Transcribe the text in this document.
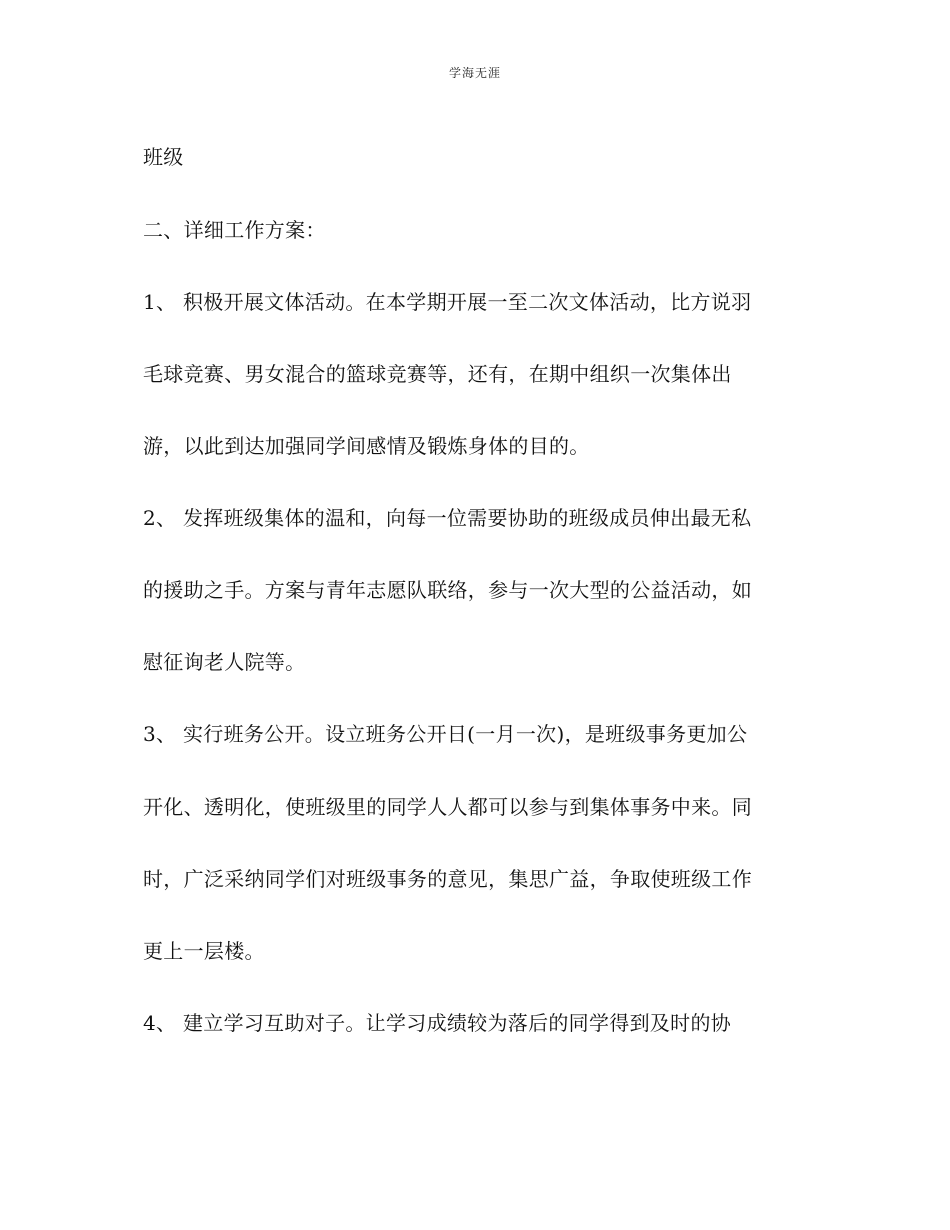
学海无涯
班级
二、详细工作方案：
1、 积极开展文体活动。在本学期开展一至二次文体活动，比方说羽
毛球竞赛、男女混合的篮球竞赛等，还有，在期中组织一次集体出
游，以此到达加强同学间感情及锻炼身体的目的。
2、 发挥班级集体的温和，向每一位需要协助的班级成员伸出最无私
的援助之手。方案与青年志愿队联络，参与一次大型的公益活动，如
慰征询老人院等。
3、 实行班务公开。设立班务公开日(一月一次)，是班级事务更加公
开化、透明化，使班级里的同学人人都可以参与到集体事务中来。同
时，广泛采纳同学们对班级事务的意见，集思广益，争取使班级工作
更上一层楼。
4、 建立学习互助对子。让学习成绩较为落后的同学得到及时的协
